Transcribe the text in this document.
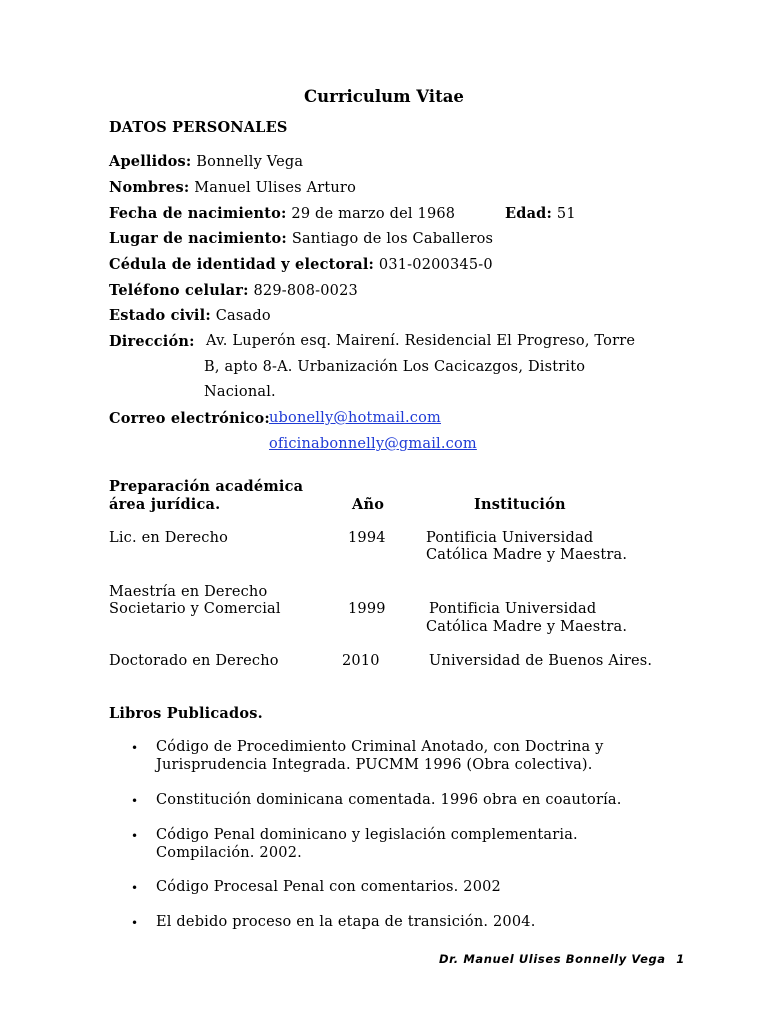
Curriculum Vitae
DATOS PERSONALES
Apellidos: Bonnelly Vega
Nombres: Manuel Ulises Arturo
Fecha de nacimiento: 29 de marzo del 1968	Edad: 51
Lugar de nacimiento: Santiago de los Caballeros
Cédula de identidad y electoral: 031-0200345-0
Teléfono celular: 829-808-0023
Estado civil: Casado
Dirección: Av. Luperón esq. Mairení. Residencial El Progreso, Torre
B, apto 8-A. Urbanización Los Cacicazgos, Distrito
Nacional.
Correo electrónico: ubonelly@hotmail.com
oficinabonnelly@gmail.com
Preparación académica
área jurídica.	Año	Institución
Lic. en Derecho	1994	Pontificia Universidad
Católica Madre y Maestra.
Maestría en Derecho
Societario y Comercial	1999	Pontificia Universidad
Católica Madre y Maestra.
Doctorado en Derecho	2010	Universidad de Buenos Aires.
Libros Publicados.
• Código de Procedimiento Criminal Anotado, con Doctrina y
Jurisprudencia Integrada. PUCMM 1996 (Obra colectiva).
• Constitución dominicana comentada. 1996 obra en coautoría.
• Código Penal dominicano y legislación complementaria.
Compilación. 2002.
• Código Procesal Penal con comentarios. 2002
• El debido proceso en la etapa de transición. 2004.
Dr. Manuel Ulises Bonnelly Vega 1
